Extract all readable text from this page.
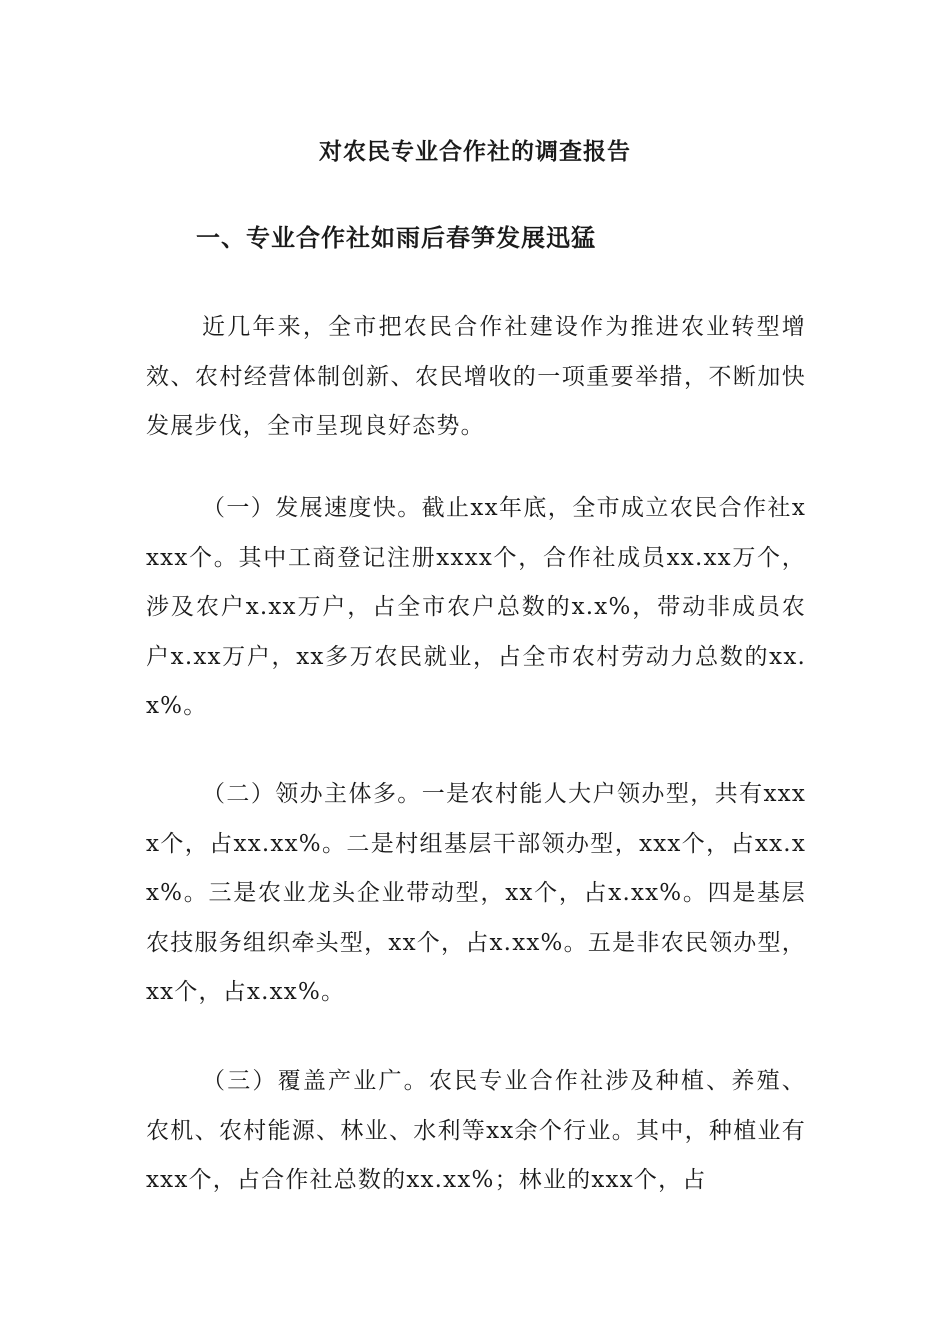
对农民专业合作社的调查报告
一、专业合作社如雨后春笋发展迅猛

近几年来，全市把农民合作社建设作为推进农业转型增效、农村经营体制创新、农民增收的一项重要举措，不断加快发展步伐，全市呈现良好态势。

（一）发展速度快。截止xx年底，全市成立农民合作社xxxx个。其中工商登记注册xxxx个，合作社成员xx.xx万个，涉及农户x.xx万户，占全市农户总数的x.x%，带动非成员农户x.xx万户，xx多万农民就业，占全市农村劳动力总数的xx.x%。

（二）领办主体多。一是农村能人大户领办型，共有xxxx个，占xx.xx%。二是村组基层干部领办型，xxx个，占xx.xx%。三是农业龙头企业带动型，xx个，占x.xx%。四是基层农技服务组织牵头型，xx个，占x.xx%。五是非农民领办型，xx个，占x.xx%。

（三）覆盖产业广。农民专业合作社涉及种植、养殖、农机、农村能源、林业、水利等xx余个行业。其中，种植业有xxx个，占合作社总数的xx.xx%；林业的xxx个，占
